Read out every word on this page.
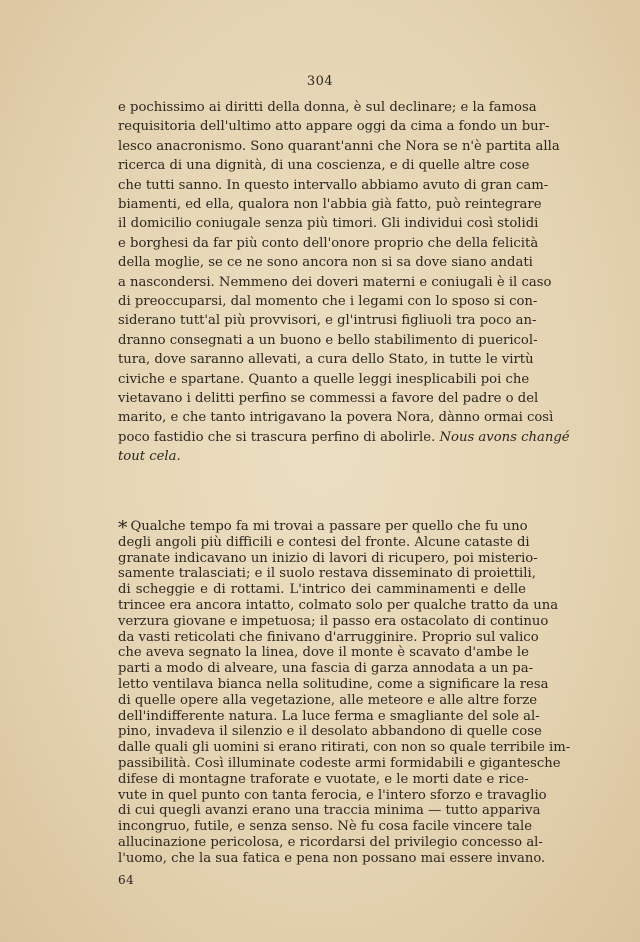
304
e pochissimo ai diritti della donna, è sul declinare; e la famosa
requisitoria dell'ultimo atto appare oggi da cima a fondo un bur-
lesco anacronismo. Sono quarant'anni che Nora se n'è partita alla
ricerca di una dignità, di una coscienza, e di quelle altre cose
che tutti sanno. In questo intervallo abbiamo avuto di gran cam-
biamenti, ed ella, qualora non l'abbia già fatto, può reintegrare
il domicilio coniugale senza più timori. Gli individui così stolidi
e borghesi da far più conto dell'onore proprio che della felicità
della moglie, se ce ne sono ancora non si sa dove siano andati
a nascondersi. Nemmeno dei doveri materni e coniugali è il caso
di preoccuparsi, dal momento che i legami con lo sposo si con-
siderano tutt'al più provvisori, e gl'intrusi figliuoli tra poco an-
dranno consegnati a un buono e bello stabilimento di puericol-
tura, dove saranno allevati, a cura dello Stato, in tutte le virtù
civiche e spartane. Quanto a quelle leggi inesplicabili poi che
vietavano i delitti perfino se commessi a favore del padre o del
marito, e che tanto intrigavano la povera Nora, dànno ormai così
poco fastidio che si trascura perfino di abolirle. Nous avons changé
tout cela.
* Qualche tempo fa mi trovai a passare per quello che fu uno
degli angoli più difficili e contesi del fronte. Alcune cataste di
granate indicavano un inizio di lavori di ricupero, poi misterio-
samente tralasciati; e il suolo restava disseminato di proiettili,
di scheggie e di rottami. L'intrico dei camminamenti e delle
trincee era ancora intatto, colmato solo per qualche tratto da una
verzura giovane e impetuosa; il passo era ostacolato di continuo
da vasti reticolati che finivano d'arrugginire. Proprio sul valico
che aveva segnato la linea, dove il monte è scavato d'ambe le
parti a modo di alveare, una fascia di garza annodata a un pa-
letto ventilava bianca nella solitudine, come a significare la resa
di quelle opere alla vegetazione, alle meteore e alle altre forze
dell'indifferente natura. La luce ferma e smagliante del sole al-
pino, invadeva il silenzio e il desolato abbandono di quelle cose
dalle quali gli uomini si erano ritirati, con non so quale terribile im-
passibilità. Così illuminate codeste armi formidabili e gigantesche
difese di montagne traforate e vuotate, e le morti date e rice-
vute in quel punto con tanta ferocia, e l'intero sforzo e travaglio
di cui quegli avanzi erano una traccia minima — tutto appariva
incongruo, futile, e senza senso. Nè fu cosa facile vincere tale
allucinazione pericolosa, e ricordarsi del privilegio concesso al-
l'uomo, che la sua fatica e pena non possano mai essere invano.
64
